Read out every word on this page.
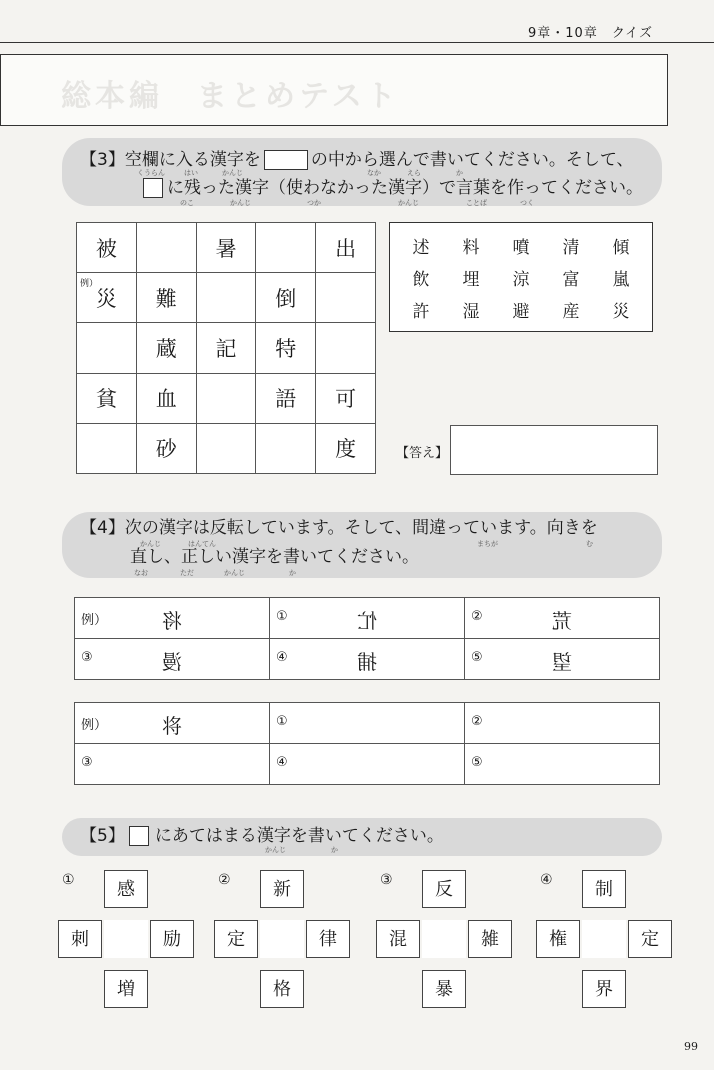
9章・10章　クイズ
総本編　まとめテスト
【3】空欄に入る漢字を	の中から選んで書いてください。そして、
くうらん	はい	かんじ	なか	えら	か
に残った漢字（使わなかった漢字）で言葉を作ってください。
のこ	かんじ	つか	かんじ	ことば	つく
被		暑		出

例）
災	難		倒	
	蔵	記	特	
貧	血		語	可
	砂			度
述	料	噴	清	傾
飲	埋	涼	富	嵐
許	湿	避	産	災
【答え】
【4】次の漢字は反転しています。そして、間違っています。向きを
かんじ	はんてん	まちが	む
直し、正しい漢字を書いてください。
なお	ただ	かんじ	か
例） 将	① 忙	② 荒

③ 漫	④ 捕	⑤ 望
例） 将	①	②

③	④	⑤
【5】 にあてはまる漢字を書いてください。
かんじ	か
①	感
刺	励
増
②	新
定	律
格
③	反
混	雑
暴
④	制
権	定
界
99
